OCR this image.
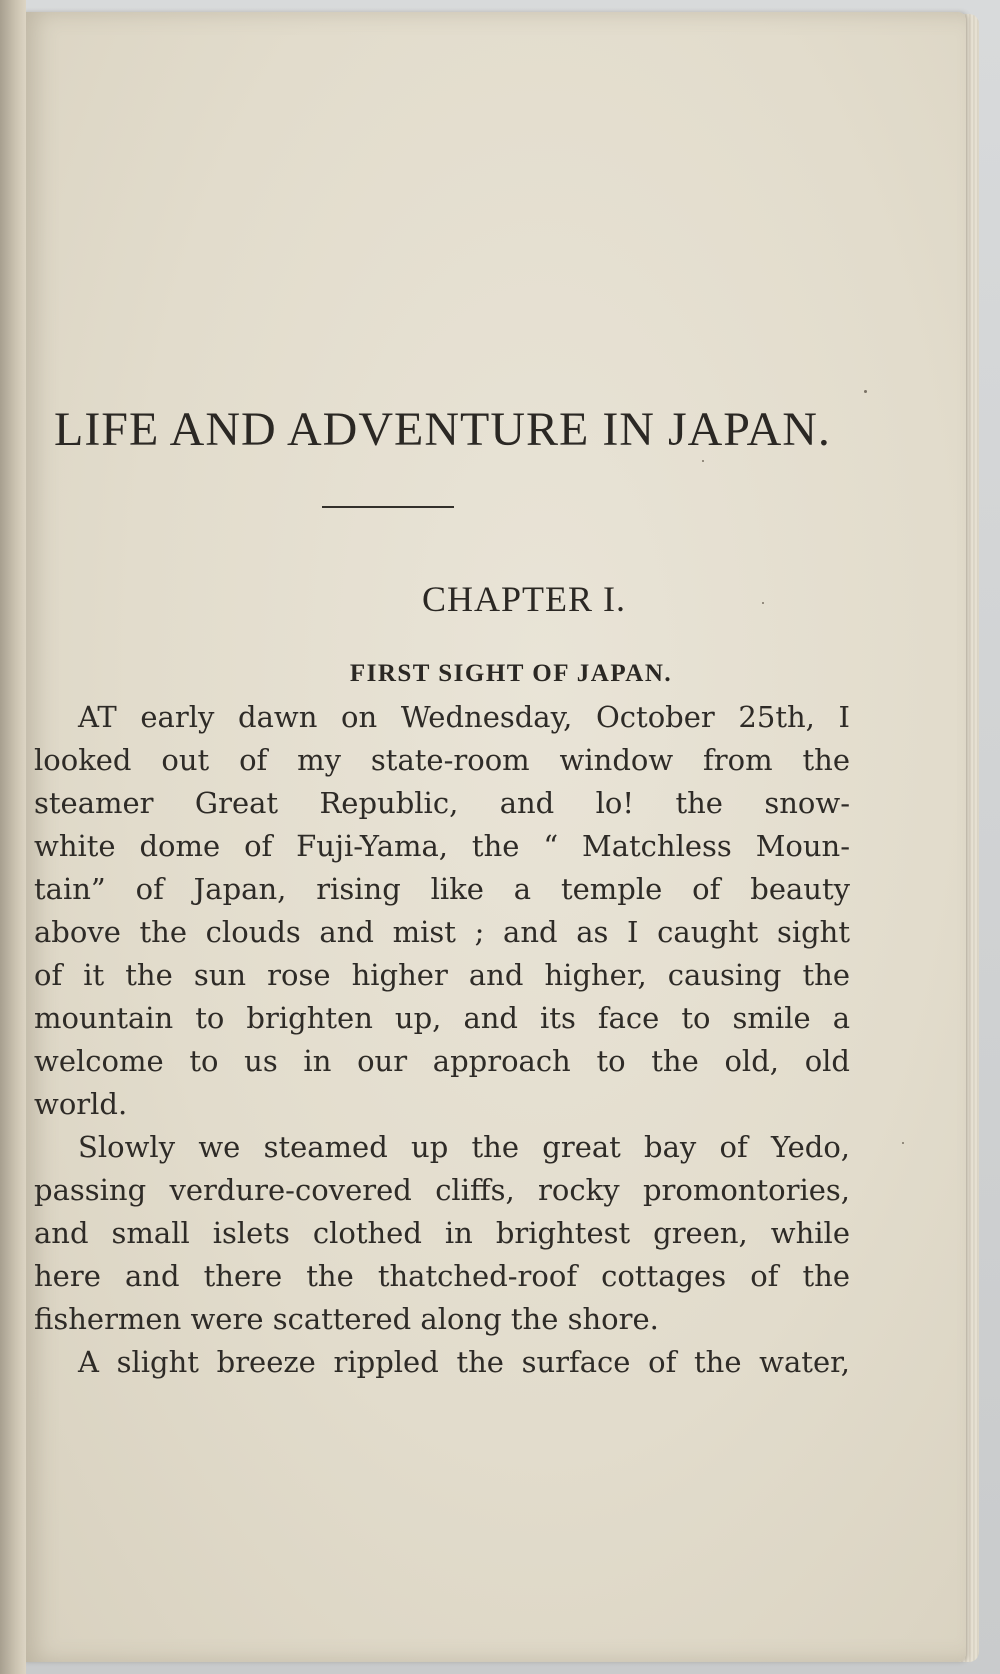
LIFE AND ADVENTURE IN JAPAN.
CHAPTER I.
FIRST SIGHT OF JAPAN.
AT early dawn on Wednesday, October 25th, I
looked out of my state-room window from the
steamer Great Republic, and lo! the snow-
white dome of Fuji-Yama, the “ Matchless Moun-
tain” of Japan, rising like a temple of beauty
above the clouds and mist ; and as I caught sight
of it the sun rose higher and higher, causing the
mountain to brighten up, and its face to smile a
welcome to us in our approach to the old, old
world.
Slowly we steamed up the great bay of Yedo,
passing verdure-covered cliffs, rocky promontories,
and small islets clothed in brightest green, while
here and there the thatched-roof cottages of the
fishermen were scattered along the shore.
A slight breeze rippled the surface of the water,
